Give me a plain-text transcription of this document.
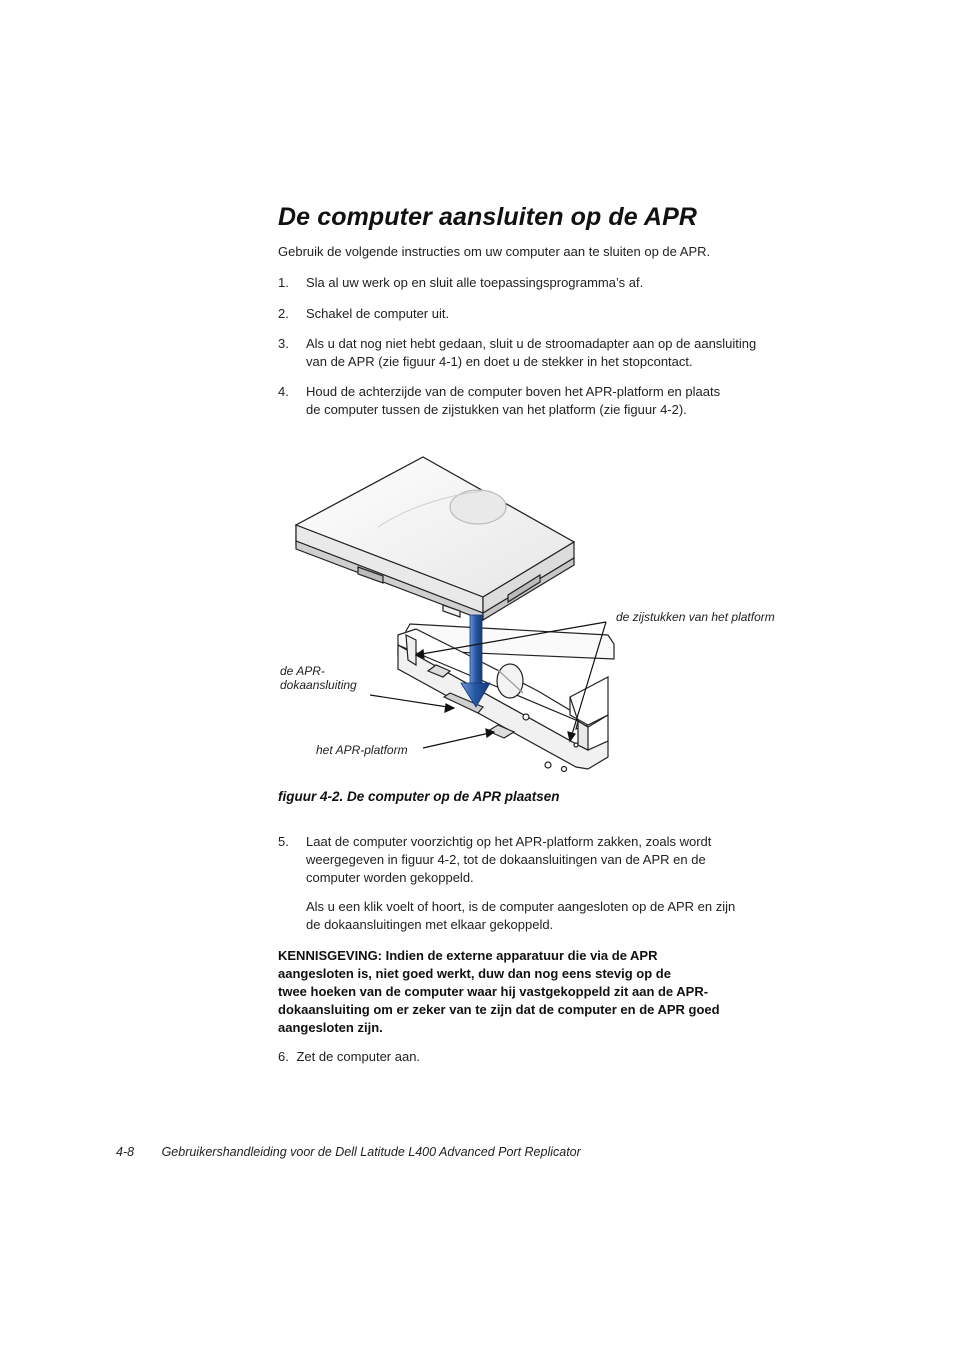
De computer aansluiten op de APR
Gebruik de volgende instructies om uw computer aan te sluiten op de APR.
1. Sla al uw werk op en sluit alle toepassingsprogramma’s af.
2. Schakel de computer uit.
3. Als u dat nog niet hebt gedaan, sluit u de stroomadapter aan op de aansluiting
van de APR (zie figuur 4-1) en doet u de stekker in het stopcontact.
4. Houd de achterzijde van de computer boven het APR-platform en plaats
de computer tussen de zijstukken van het platform (zie figuur 4-2).
de zijstukken van het platform
de APR-
dokaansluiting
het APR-platform
figuur 4-2. De computer op de APR plaatsen
5. Laat de computer voorzichtig op het APR-platform zakken, zoals wordt
weergegeven in figuur 4-2, tot de dokaansluitingen van de APR en de
computer worden gekoppeld.
Als u een klik voelt of hoort, is de computer aangesloten op de APR en zijn
de dokaansluitingen met elkaar gekoppeld.
KENNISGEVING: Indien de externe apparatuur die via de APR
aangesloten is, niet goed werkt, duw dan nog eens stevig op de
twee hoeken van de computer waar hij vastgekoppeld zit aan de APR-
dokaansluiting om er zeker van te zijn dat de computer en de APR goed
aangesloten zijn.
6. Zet de computer aan.
4-8 Gebruikershandleiding voor de Dell Latitude L400 Advanced Port Replicator
